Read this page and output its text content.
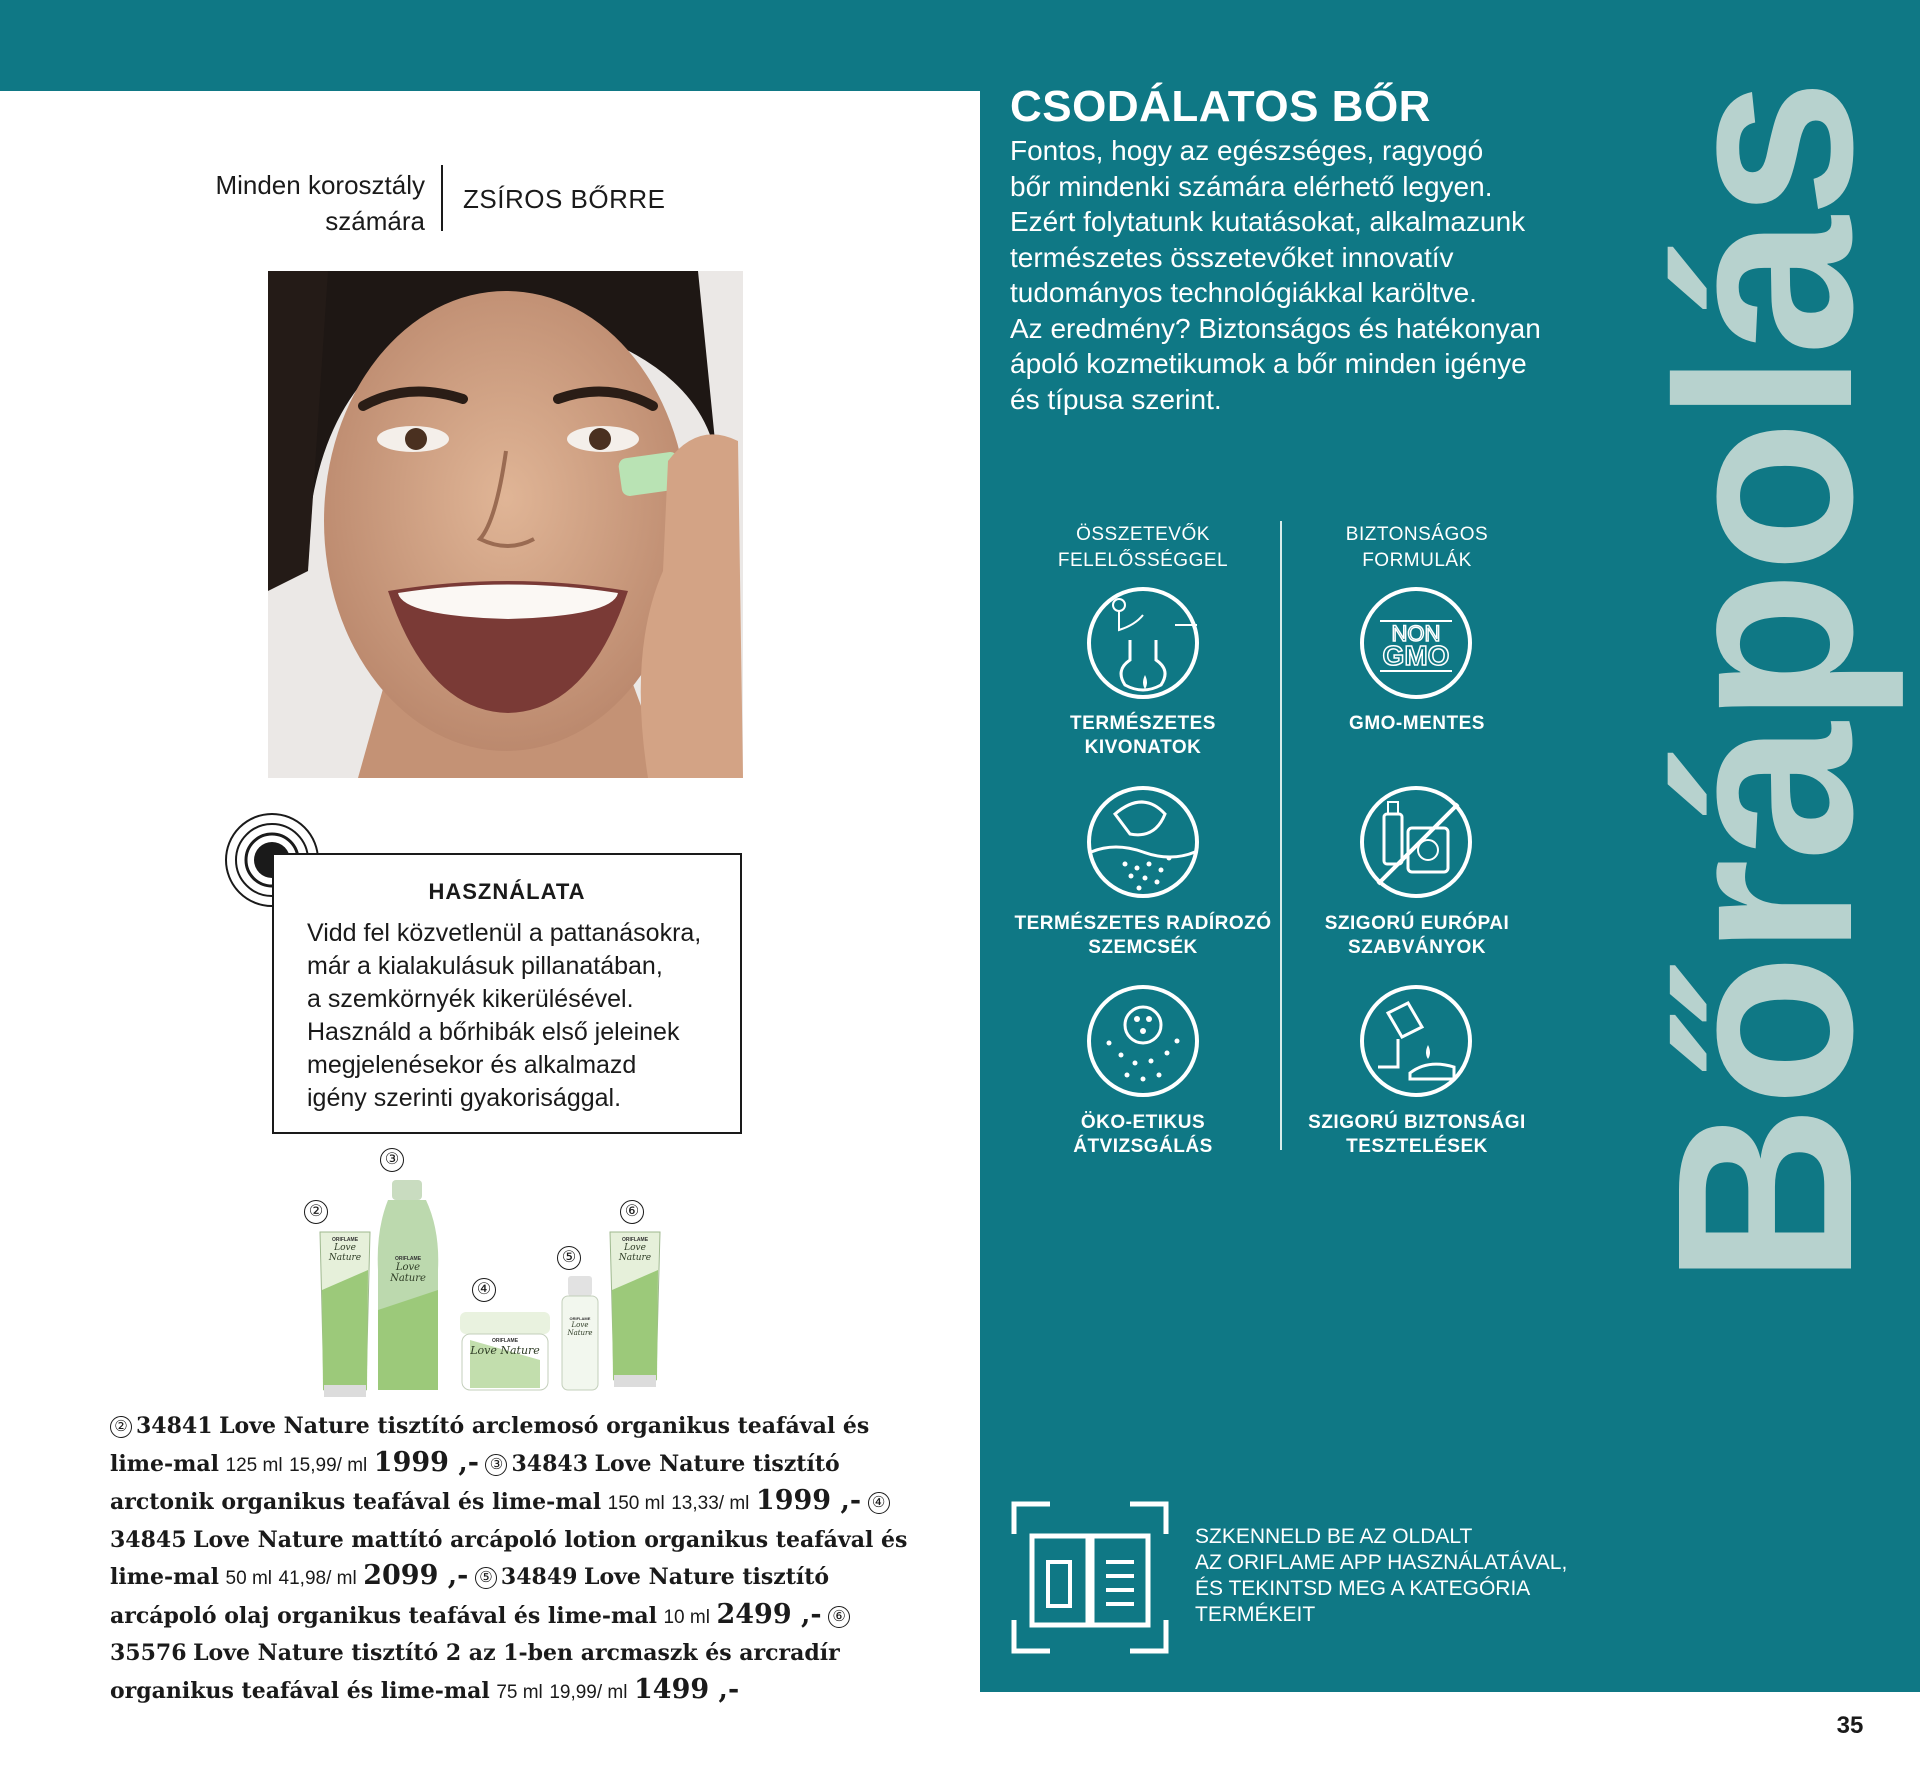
Minden korosztály
számára
ZSÍROS BŐRRE
HASZNÁLATA
Vidd fel közvetlenül a pattanásokra,
már a kialakulásuk pillanatában,
a szemkörnyék kikerülésével.
Használd a bőrhibák első jeleinek
megjelenésekor és alkalmazd
igény szerinti gyakorisággal.
②
③
④
⑤
⑥
ORIFLAME
Love Nature	ORIFLAME
Love Nature
ORIFLAME
Love Nature
ORIFLAME
Love Nature
ORIFLAME
Love Nature
② 34841 Love Nature tisztító arclemosó organikus teafával és lime-mal 125 ml 15,99/ ml 1999 ,- ③ 34843 Love Nature tisztító arctonik organikus teafával és lime-mal 150 ml 13,33/ ml 1999 ,- ④34845 Love Nature mattító arcápoló lotion organikus teafával és lime-mal 50 ml 41,98/ ml 2099 ,- ⑤ 34849 Love Nature tisztító arcápoló olaj organikus teafával és lime-mal 10 ml 2499 ,- ⑥35576 Love Nature tisztító 2 az 1-ben arcmaszk és arcradír organikus teafával és lime-mal 75 ml 19,99/ ml 1499 ,-
CSODÁLATOS BŐR
Fontos, hogy az egészséges, ragyogó
bőr mindenki számára elérhető legyen.
Ezért folytatunk kutatásokat, alkalmazunk
természetes összetevőket innovatív
tudományos technológiákkal karöltve.
Az eredmény? Biztonságos és hatékonyan
ápoló kozmetikumok a bőr minden igénye
és típusa szerint.
ÖSSZETEVŐK
FELELŐSSÉGGEL
BIZTONSÁGOS
FORMULÁK
TERMÉSZETES
KIVONATOK
NON
GMO
GMO-MENTES
TERMÉSZETES RADÍROZÓ
SZEMCSÉK
SZIGORÚ EURÓPAI
SZABVÁNYOK
ÖKO-ETIKUS
ÁTVIZSGÁLÁS
SZIGORÚ BIZTONSÁGI
TESZTELÉSEK Bőrápolás
SZKENNELD BE AZ OLDALT
AZ ORIFLAME APP HASZNÁLATÁVAL,
ÉS TEKINTSD MEG A KATEGÓRIA
TERMÉKEIT
35
